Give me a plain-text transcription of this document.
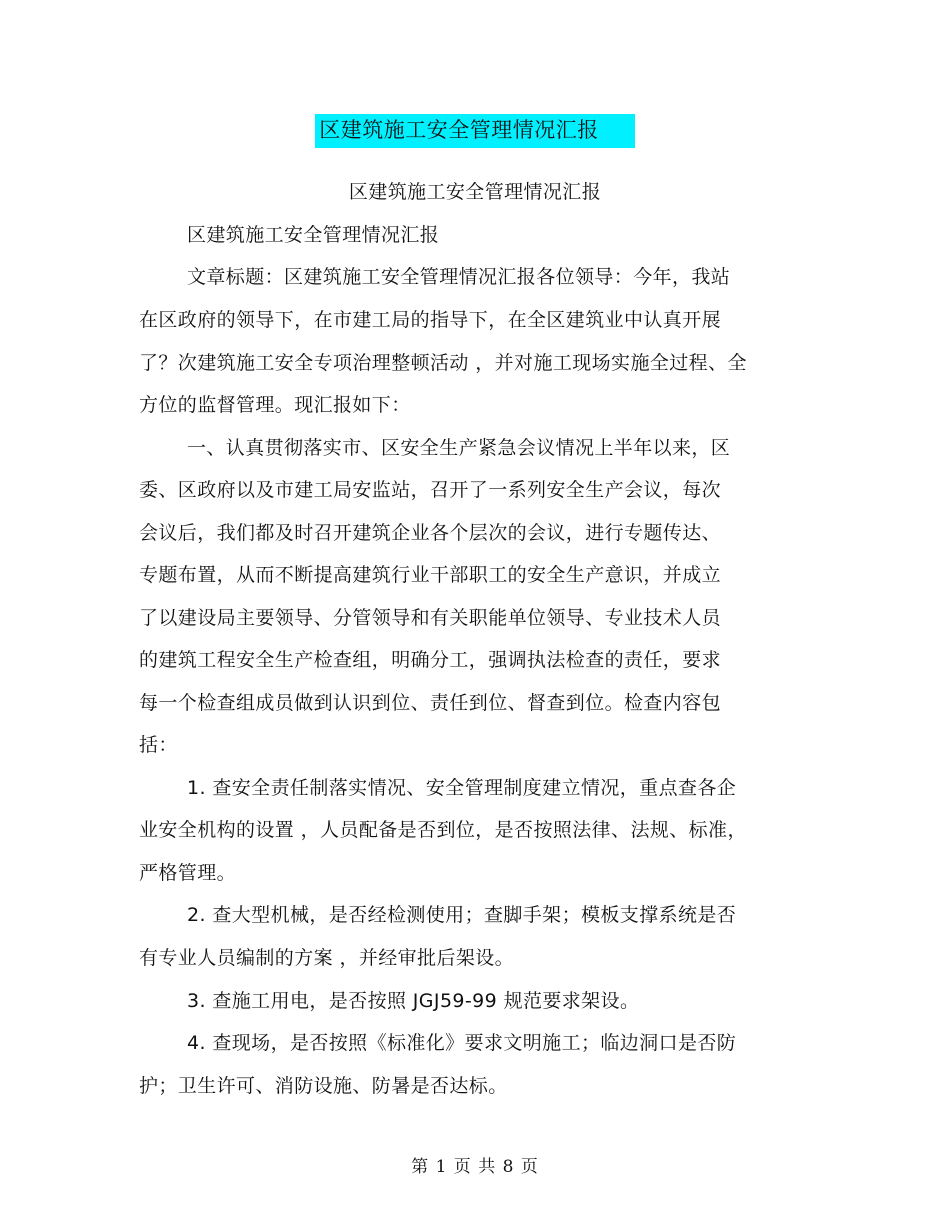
区建筑施工安全管理情况汇报
区建筑施工安全管理情况汇报
区建筑施工安全管理情况汇报
文章标题：区建筑施工安全管理情况汇报各位领导：今年，我站
在区政府的领导下，在市建工局的指导下，在全区建筑业中认真开展
了？次建筑施工安全专项治理整顿活动 ，并对施工现场实施全过程、全
方位的监督管理。现汇报如下：
一、认真贯彻落实市、区安全生产紧急会议情况上半年以来，区
委、区政府以及市建工局安监站，召开了一系列安全生产会议，每次
会议后，我们都及时召开建筑企业各个层次的会议，进行专题传达、
专题布置，从而不断提高建筑行业干部职工的安全生产意识，并成立
了以建设局主要领导、分管领导和有关职能单位领导、专业技术人员
的建筑工程安全生产检查组，明确分工，强调执法检查的责任，要求
每一个检查组成员做到认识到位、责任到位、督查到位。检查内容包
括：
1. 查安全责任制落实情况、安全管理制度建立情况，重点查各企
业安全机构的设置 ，人员配备是否到位，是否按照法律、法规、标准，
严格管理。
2. 查大型机械，是否经检测使用；查脚手架；模板支撑系统是否
有专业人员编制的方案 ，并经审批后架设。
3. 查施工用电，是否按照 JGJ59-99 规范要求架设。
4. 查现场，是否按照《标准化》要求文明施工；临边洞口是否防
护；卫生许可、消防设施、防暑是否达标。
第 1 页 共 8 页
